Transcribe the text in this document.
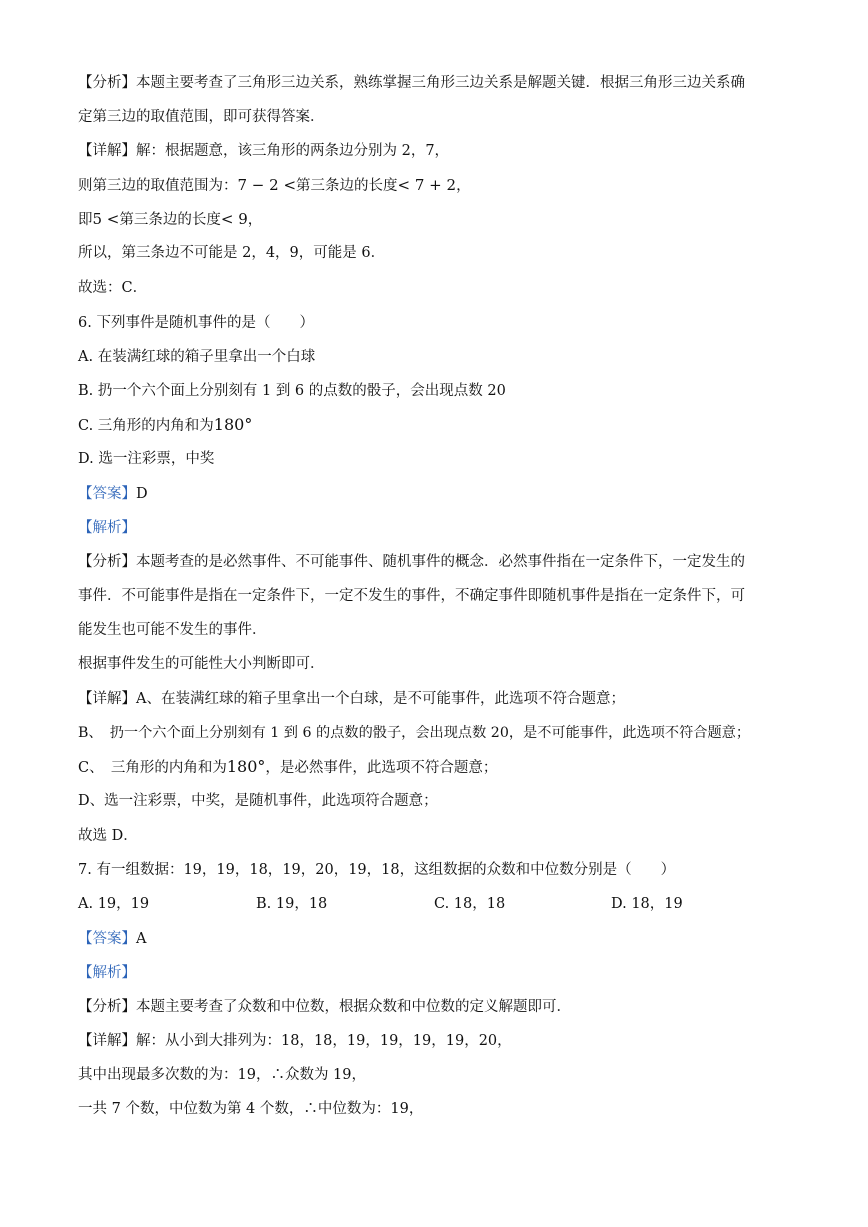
【分析】本题主要考查了三角形三边关系，熟练掌握三角形三边关系是解题关键．根据三角形三边关系确
定第三边的取值范围，即可获得答案．
【详解】解：根据题意，该三角形的两条边分别为 2，7，
则第三边的取值范围为：7 − 2 <第三条边的长度< 7 + 2，
即5 <第三条边的长度< 9，
所以，第三条边不可能是 2，4，9，可能是 6．
故选：C．
6. 下列事件是随机事件的是（　　）
A. 在装满红球的箱子里拿出一个白球
B. 扔一个六个面上分别刻有 1 到 6 的点数的骰子，会出现点数 20
C. 三角形的内角和为180°
D. 选一注彩票，中奖
【答案】D
【解析】
【分析】本题考查的是必然事件、不可能事件、随机事件的概念．必然事件指在一定条件下，一定发生的
事件．不可能事件是指在一定条件下，一定不发生的事件，不确定事件即随机事件是指在一定条件下，可
能发生也可能不发生的事件．
根据事件发生的可能性大小判断即可．
【详解】A、在装满红球的箱子里拿出一个白球，是不可能事件，此选项不符合题意；
B、　扔一个六个面上分别刻有 1 到 6 的点数的骰子，会出现点数 20，是不可能事件，此选项不符合题意；
C、　三角形的内角和为180°，是必然事件，此选项不符合题意；
D、选一注彩票，中奖，是随机事件，此选项符合题意；
故选 D．
7. 有一组数据：19，19，18，19，20，19，18，这组数据的众数和中位数分别是（　　）
A. 19，19	B. 19，18	C. 18，18	D. 18，19
【答案】A
【解析】
【分析】本题主要考查了众数和中位数，根据众数和中位数的定义解题即可．
【详解】解：从小到大排列为：18，18，19，19，19，19，20，
其中出现最多次数的为：19，∴众数为 19，
一共 7 个数，中位数为第 4 个数，∴中位数为：19，
